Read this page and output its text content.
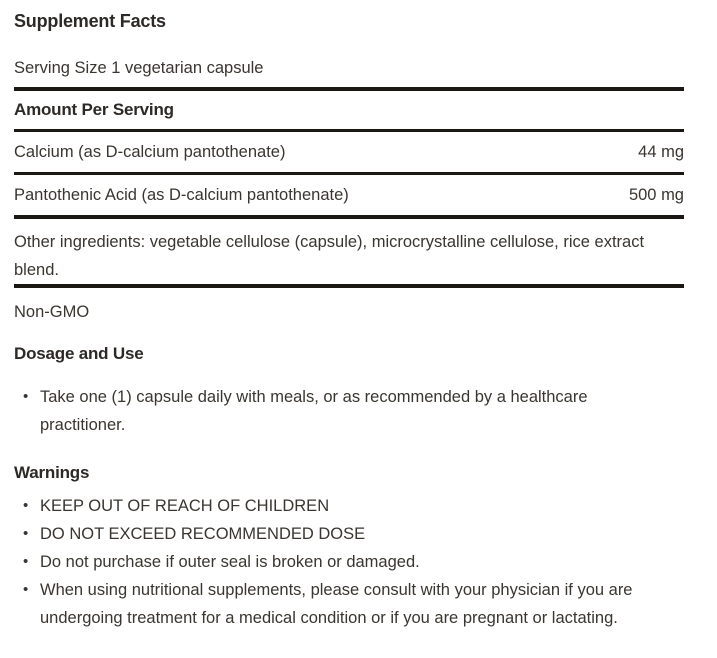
Supplement Facts
Serving Size 1 vegetarian capsule
Amount Per Serving
Calcium (as D-calcium pantothenate)	44 mg
Pantothenic Acid (as D-calcium pantothenate)	500 mg
Other ingredients: vegetable cellulose (capsule), microcrystalline cellulose, rice extract blend.
Non-GMO
Dosage and Use
• Take one (1) capsule daily with meals, or as recommended by a healthcare practitioner.
Warnings
• KEEP OUT OF REACH OF CHILDREN
• DO NOT EXCEED RECOMMENDED DOSE
• Do not purchase if outer seal is broken or damaged.
• When using nutritional supplements, please consult with your physician if you are undergoing treatment for a medical condition or if you are pregnant or lactating.
